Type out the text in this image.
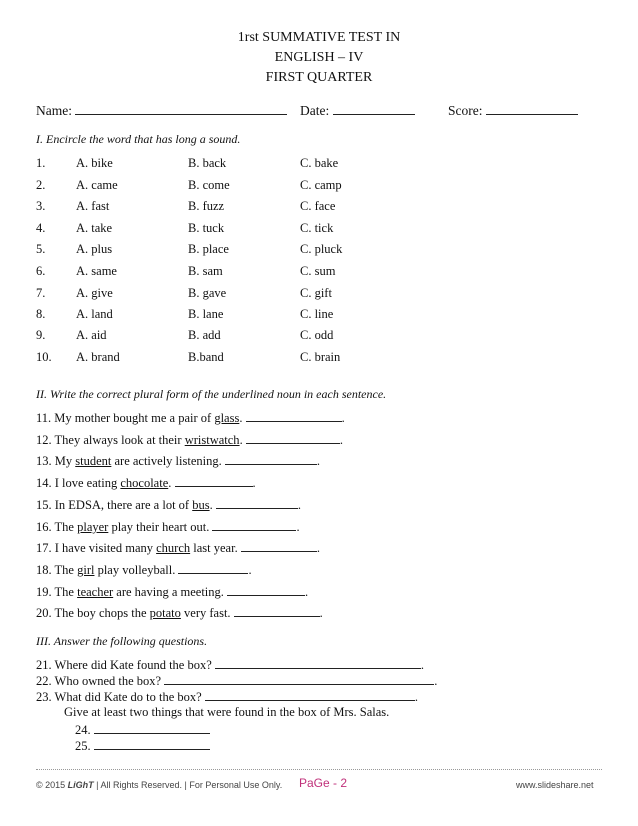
1rst SUMMATIVE TEST IN
ENGLISH – IV
FIRST QUARTER
Name:	Date:	Score:
I. Encircle the word that has long a sound.
1. A. bike	B. back	C. bake
2. A. came	B. come	C. camp
3. A. fast	B. fuzz	C. face
4. A. take	B. tuck	C. tick
5. A. plus	B. place	C. pluck
6. A. same	B. sam	C. sum
7. A. give	B. gave	C. gift
8. A. land	B. lane	C. line
9. A. aid	B. add	C. odd
10. A. brand	B.band	C. brain
II. Write the correct plural form of the underlined noun in each sentence.
11. My mother bought me a pair of glass.	.
12. They always look at their wristwatch.	.
13. My student are actively listening.	.
14. I love eating chocolate.	.
15. In EDSA, there are a lot of bus.	.
16. The player play their heart out.	.
17. I have visited many church last year.	.
18. The girl play volleyball.	.
19. The teacher are having a meeting.	.
20. The boy chops the potato very fast.	.
III. Answer the following questions.
21. Where did Kate found the box?	.
22. Who owned the box?	.
23. What did Kate do to the box?	.
Give at least two things that were found in the box of Mrs. Salas.
24.
25.
© 2015 LiGhT | All Rights Reserved. | For Personal Use Only. PaGe - 2	www.slideshare.net
